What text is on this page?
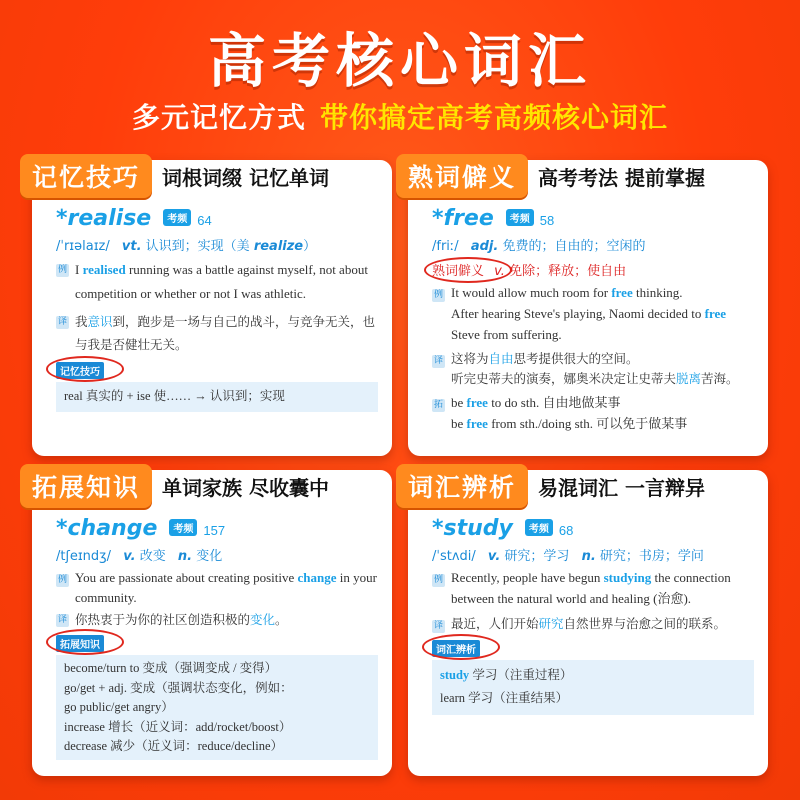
高考核心词汇
多元记忆方式 带你搞定高考高频核心词汇
记忆技巧	词根词缀 记忆单词
*realise	考频 64
/ˈrɪəlaɪz/ vt. 认识到；实现（美 realize）
例 I realised running was a battle against myself, not about competition or whether or not I was athletic.
译 我意识到，跑步是一场与自己的战斗，与竞争无关，也与我是否健壮无关。
记忆技巧
real 真实的 + ise 使…… → 认识到；实现
熟词僻义	高考考法 提前掌握
*free	考频 58
/friː/ adj. 免费的；自由的；空闲的
熟词僻义 v. 免除；释放；使自由
例 It would allow much room for free thinking.
After hearing Steve's playing, Naomi decided to free Steve from suffering.
译 这将为自由思考提供很大的空间。
听完史蒂夫的演奏，娜奥米决定让史蒂夫脱离苦海。
拓 be free to do sth. 自由地做某事
be free from sth./doing sth. 可以免于做某事
拓展知识	单词家族 尽收囊中
*change	考频 157
/tʃeɪndʒ/ v. 改变 n. 变化
例 You are passionate about creating positive change in your community.
译 你热衷于为你的社区创造积极的变化。
拓展知识
become/turn to 变成（强调变成 / 变得）
go/get + adj. 变成（强调状态变化，例如：
go public/get angry）
increase 增长（近义词：add/rocket/boost）
decrease 减少（近义词：reduce/decline）
词汇辨析	易混词汇 一言辩异
*study	考频 68
/ˈstʌdi/ v. 研究；学习 n. 研究；书房；学问
例 Recently, people have begun studying the connection between the natural world and healing (治愈).
译 最近，人们开始研究自然世界与治愈之间的联系。
词汇辨析
study 学习（注重过程）
learn 学习（注重结果）
